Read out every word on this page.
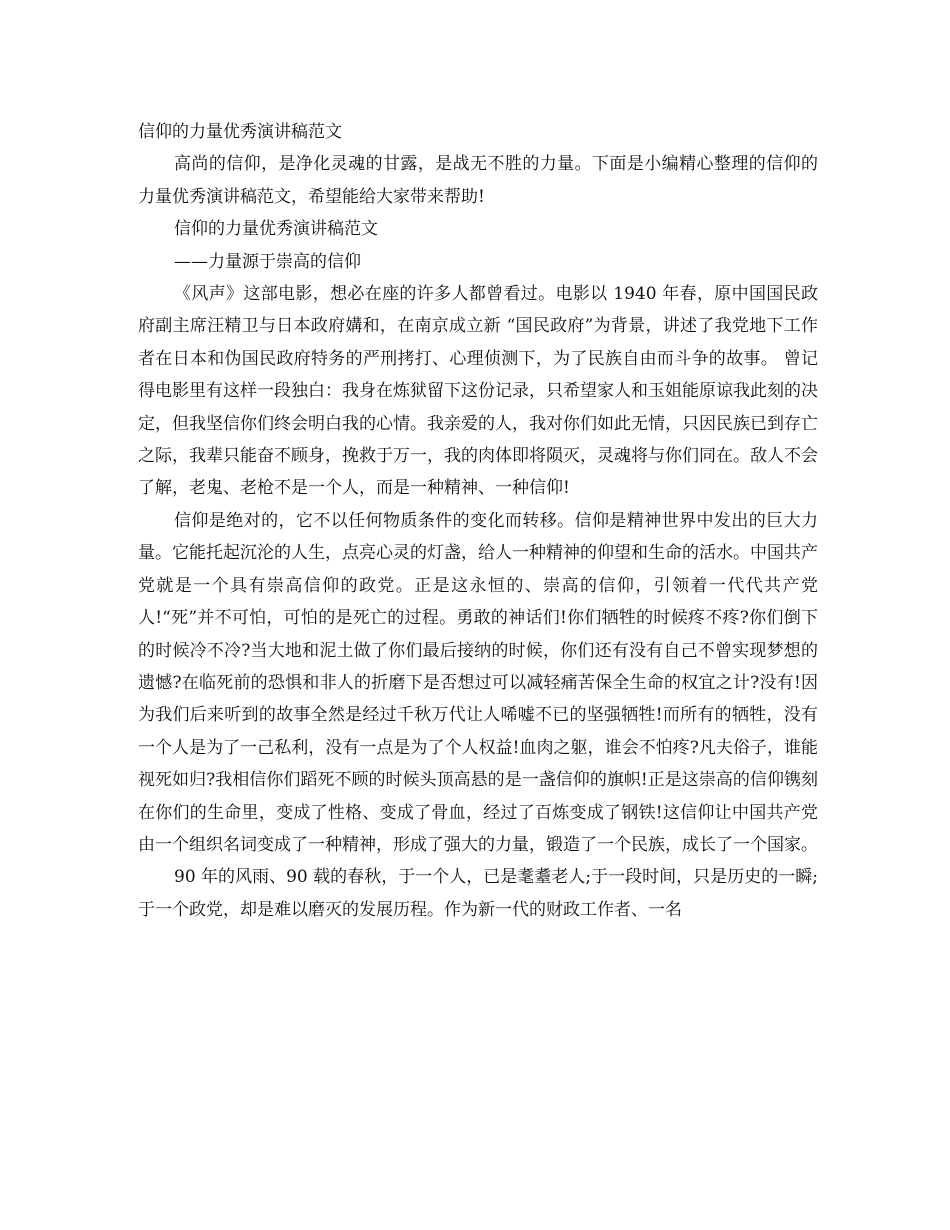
信仰的力量优秀演讲稿范文

高尚的信仰，是净化灵魂的甘露，是战无不胜的力量。下面是小编精心整理的信仰的力量优秀演讲稿范文，希望能给大家带来帮助!

信仰的力量优秀演讲稿范文

——力量源于崇高的信仰

《风声》这部电影，想必在座的许多人都曾看过。电影以 1940 年春，原中国国民政府副主席汪精卫与日本政府媾和，在南京成立新 “国民政府”为背景，讲述了我党地下工作者在日本和伪国民政府特务的严刑拷打、心理侦测下，为了民族自由而斗争的故事。 曾记得电影里有这样一段独白：我身在炼狱留下这份记录，只希望家人和玉姐能原谅我此刻的决定，但我坚信你们终会明白我的心情。我亲爱的人，我对你们如此无情，只因民族已到存亡之际，我辈只能奋不顾身，挽救于万一，我的肉体即将陨灭，灵魂将与你们同在。敌人不会了解，老鬼、老枪不是一个人，而是一种精神、一种信仰!

信仰是绝对的，它不以任何物质条件的变化而转移。信仰是精神世界中发出的巨大力量。它能托起沉沦的人生，点亮心灵的灯盏，给人一种精神的仰望和生命的活水。中国共产党就是一个具有崇高信仰的政党。正是这永恒的、崇高的信仰，引领着一代代共产党人!“死”并不可怕，可怕的是死亡的过程。勇敢的神话们!你们牺牲的时候疼不疼?你们倒下的时候冷不冷?当大地和泥土做了你们最后接纳的时候，你们还有没有自己不曾实现梦想的遗憾?在临死前的恐惧和非人的折磨下是否想过可以减轻痛苦保全生命的权宜之计?没有!因为我们后来听到的故事全然是经过千秋万代让人唏嘘不已的坚强牺牲!而所有的牺牲，没有一个人是为了一己私利，没有一点是为了个人权益!血肉之躯，谁会不怕疼?凡夫俗子，谁能视死如归?我相信你们蹈死不顾的时候头顶高悬的是一盏信仰的旗帜!正是这崇高的信仰镌刻在你们的生命里，变成了性格、变成了骨血，经过了百炼变成了钢铁!这信仰让中国共产党由一个组织名词变成了一种精神，形成了强大的力量，锻造了一个民族，成长了一个国家。

90 年的风雨、90 载的春秋，于一个人，已是耄耋老人;于一段时间，只是历史的一瞬;于一个政党，却是难以磨灭的发展历程。作为新一代的财政工作者、一名
